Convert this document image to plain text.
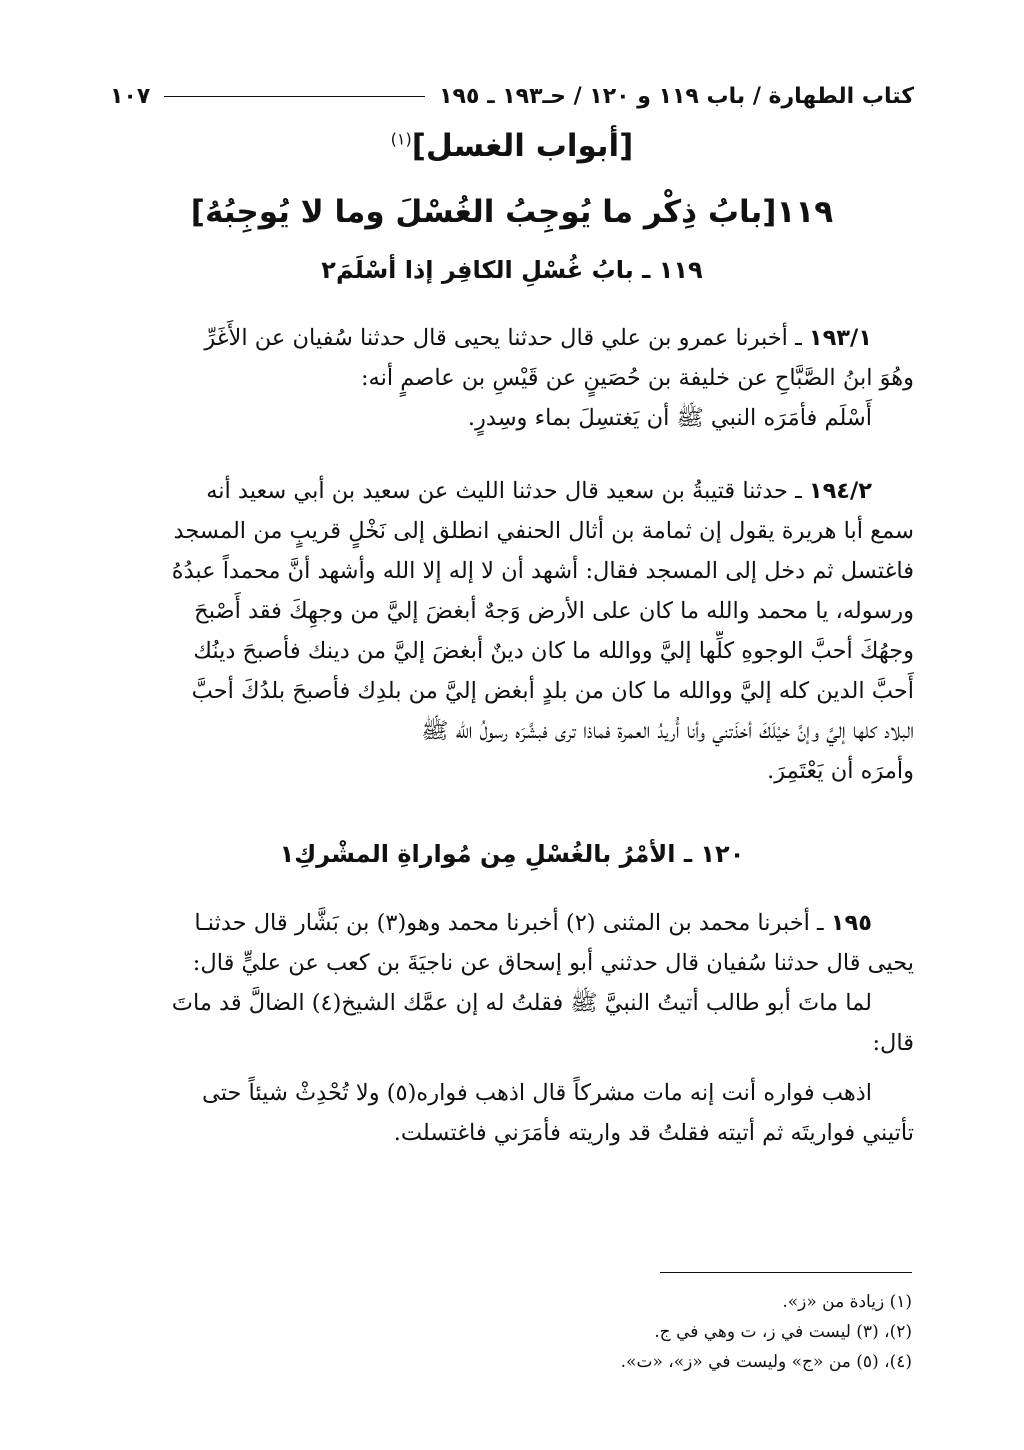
كتاب الطهارة / باب ١١٩ و ١٢٠ / حـ١٩٣ ـ ١٩٥
١٠٧
[أبواب الغسل]$^{(١)}$
١١٩[بابُ ذِكْر ما يُوجِبُ الغُسْلَ وما لا يُوجِبُهُ]
١١٩ ـ بابُ غُسْلِ الكافِر إذا أسْلَمَ٢
١٩٣/١ ـ أخبرنا عمرو بن علي قال حدثنا يحيى قال حدثنا سُفيان عن الأَغَرِّ
وهُوَ ابنُ الصَّبَّاحِ عن خليفة بن حُصَينٍ عن قَيْسِ بن عاصمٍ أنه:
أَسْلَم فأمَرَه النبي ﷺ أن يَغتسِلَ بماء وسِدرٍ.
١٩٤/٢ ـ حدثنا قتيبةُ بن سعيد قال حدثنا الليث عن سعيد بن أبي سعيد أنه
سمع أبا هريرة يقول إن ثمامة بن أثال الحنفي انطلق إلى نَخْلٍ قريبٍ من المسجد
فاغتسل ثم دخل إلى المسجد فقال: أشهد أن لا إله إلا الله وأشهد أنَّ محمداً عبدُهُ
ورسوله، يا محمد والله ما كان على الأرض وَجهٌ أبغضَ إليَّ من وجهِكَ فقد أَصْبحَ
وجهُكَ أحبَّ الوجوهِ كلِّها إليَّ ووالله ما كان دينٌ أبغضَ إليَّ من دينك فأصبحَ دينُك
أَحبَّ الدين كله إليَّ ووالله ما كان من بلدٍ أبغض إليَّ من بلدِك فأصبحَ بلدُكَ أحبَّ
البلاد كلها إليَّ وإنَّ خيْلَكَ أخذَتني وأنا أُريدُ العمرة فماذا ترى فبشَّرَه رسولُ الله ﷺ
وأمرَه أن يَعْتَمِرَ.
١٢٠ ـ الأمْرُ بالغُسْلِ مِن مُواراةِ المشْركِ١
١٩٥ ـ أخبرنا محمد بن المثنى (٢) أخبرنا محمد وهو(٣) بن بَشَّار قال حدثنـا
يحيى قال حدثنا سُفيان قال حدثني أبو إسحاق عن ناجيَةَ بن كعب عن عليٍّ قال:
لما ماتَ أبو طالب أتيتُ النبيَّ ﷺ فقلتُ له إن عمَّك الشيخ(٤) الضالَّ قد ماتَ
قال:
اذهب فواره أنت إنه مات مشركاً قال اذهب فواره(٥) ولا تُحْدِثْ شيئاً حتى
تأتيني فواريتَه ثم أتيته فقلتُ قد واريته فأمَرَني فاغتسلت.
(١) زيادة من «ز».
(٢)، (٣) ليست في ز، ت وهي في ج.
(٤)، (٥) من «ج» وليست في «ز»، «ت».
